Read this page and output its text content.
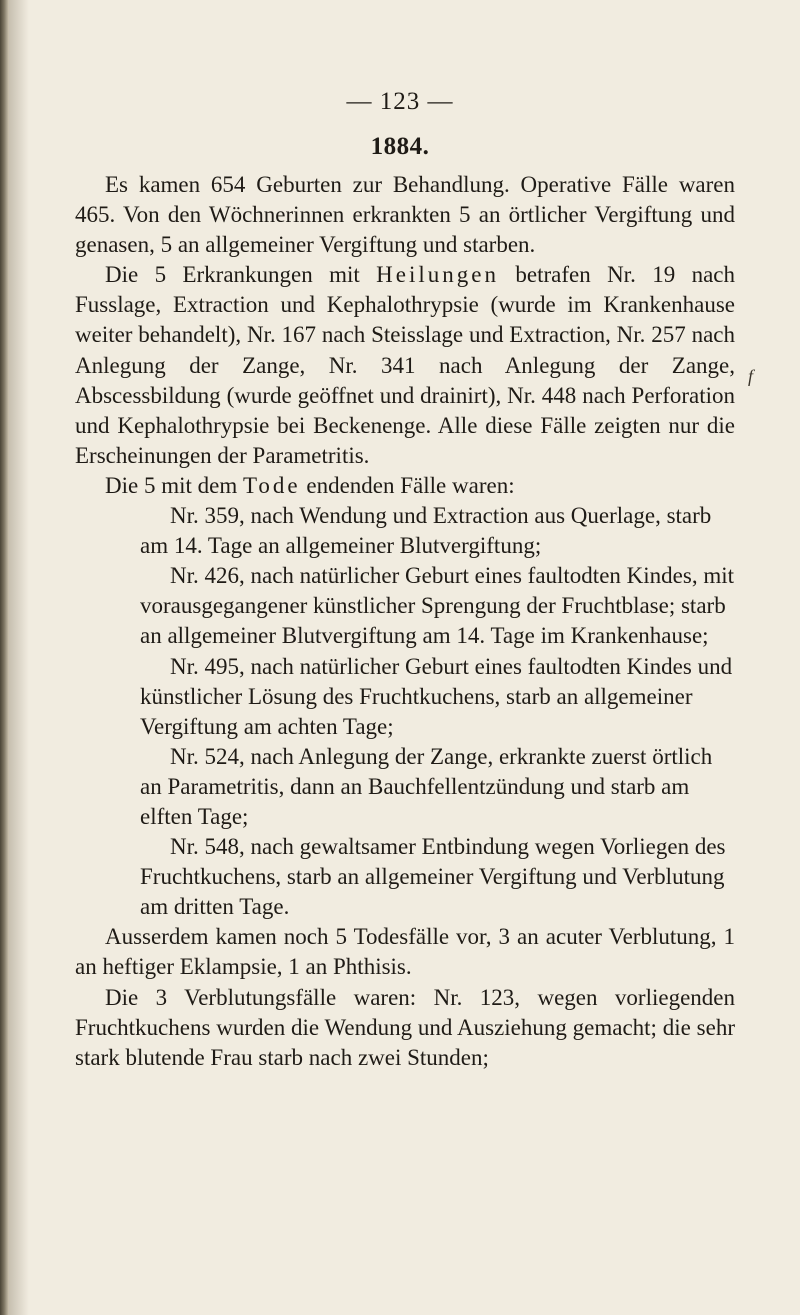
— 123 —
1884.

Es kamen 654 Geburten zur Behandlung. Operative Fälle waren 465. Von den Wöchnerinnen erkrankten 5 an örtlicher Vergiftung und genasen, 5 an allgemeiner Vergiftung und starben.

Die 5 Erkrankungen mit Heilungen betrafen Nr. 19 nach Fusslage, Extraction und Kephalothrypsie (wurde im Krankenhause weiter behandelt), Nr. 167 nach Steisslage und Extraction, Nr. 257 nach Anlegung der Zange, Nr. 341 nach Anlegung der Zange, Abscessbildung (wurde geöffnet und drainirt), Nr. 448 nach Perforation und Kephalothrypsie bei Beckenenge. Alle diese Fälle zeigten nur die Erscheinungen der Parametritis.

Die 5 mit dem Tode endenden Fälle waren:

Nr. 359, nach Wendung und Extraction aus Querlage, starb am 14. Tage an allgemeiner Blutvergiftung;

Nr. 426, nach natürlicher Geburt eines faultodten Kindes, mit vorausgegangener künstlicher Sprengung der Fruchtblase; starb an allgemeiner Blutvergiftung am 14. Tage im Krankenhause;

Nr. 495, nach natürlicher Geburt eines faultodten Kindes und künstlicher Lösung des Fruchtkuchens, starb an allgemeiner Vergiftung am achten Tage;

Nr. 524, nach Anlegung der Zange, erkrankte zuerst örtlich an Parametritis, dann an Bauchfellentzündung und starb am elften Tage;

Nr. 548, nach gewaltsamer Entbindung wegen Vorliegen des Fruchtkuchens, starb an allgemeiner Vergiftung und Verblutung am dritten Tage.

Ausserdem kamen noch 5 Todesfälle vor, 3 an acuter Verblutung, 1 an heftiger Eklampsie, 1 an Phthisis.

Die 3 Verblutungsfälle waren: Nr. 123, wegen vorliegenden Fruchtkuchens wurden die Wendung und Ausziehung gemacht; die sehr stark blutende Frau starb nach zwei Stunden;

f
